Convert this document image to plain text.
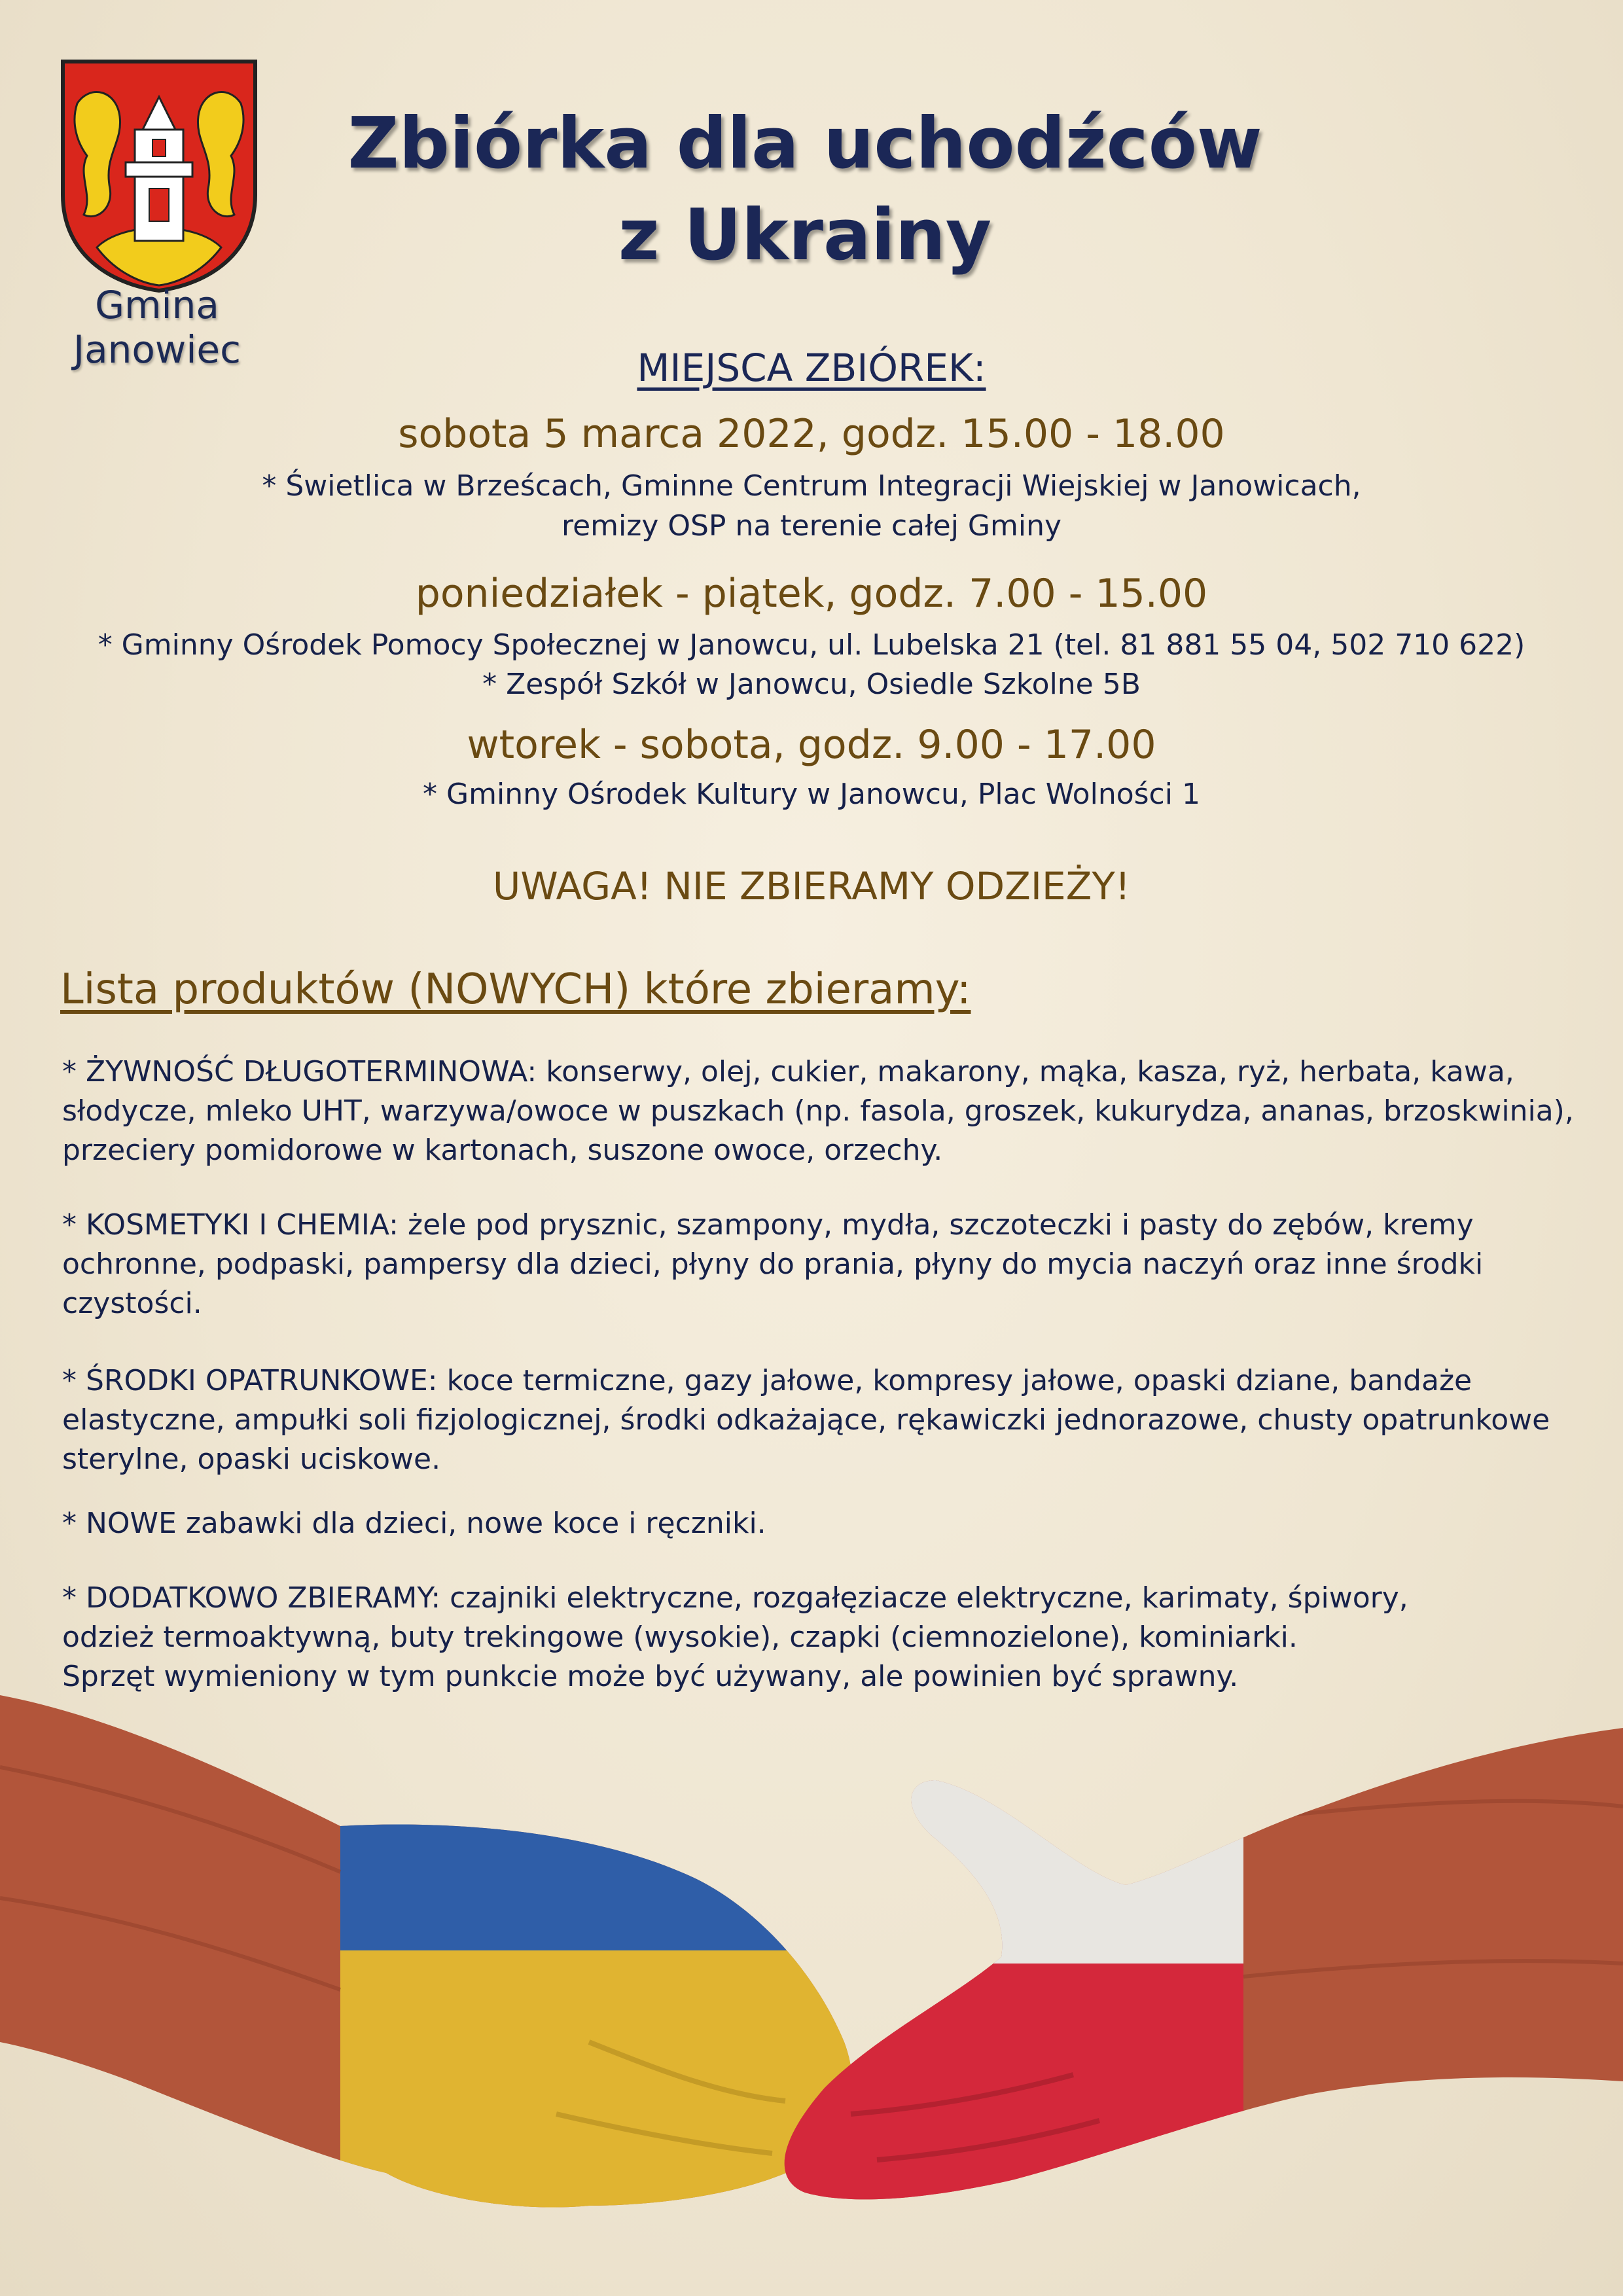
Gmina
Janowiec
Zbiórka dla uchodźców
z Ukrainy
MIEJSCA ZBIÓREK:
sobota 5 marca 2022, godz. 15.00 - 18.00
* Świetlica w Brześcach, Gminne Centrum Integracji Wiejskiej w Janowicach,
remizy OSP na terenie całej Gminy
poniedziałek - piątek, godz. 7.00 - 15.00
* Gminny Ośrodek Pomocy Społecznej w Janowcu, ul. Lubelska 21 (tel. 81 881 55 04, 502 710 622)
* Zespół Szkół w Janowcu, Osiedle Szkolne 5B
wtorek - sobota, godz. 9.00 - 17.00
* Gminny Ośrodek Kultury w Janowcu, Plac Wolności 1
UWAGA! NIE ZBIERAMY ODZIEŻY!
Lista produktów (NOWYCH) które zbieramy:
* ŻYWNOŚĆ DŁUGOTERMINOWA: konserwy, olej, cukier, makarony, mąka, kasza, ryż, herbata, kawa,
słodycze, mleko UHT, warzywa/owoce w puszkach (np. fasola, groszek, kukurydza, ananas, brzoskwinia),
przeciery pomidorowe w kartonach, suszone owoce, orzechy.
* KOSMETYKI I CHEMIA: żele pod prysznic, szampony, mydła, szczoteczki i pasty do zębów, kremy
ochronne, podpaski, pampersy dla dzieci, płyny do prania, płyny do mycia naczyń oraz inne środki
czystości.
* ŚRODKI OPATRUNKOWE: koce termiczne, gazy jałowe, kompresy jałowe, opaski dziane, bandaże
elastyczne, ampułki soli fizjologicznej, środki odkażające, rękawiczki jednorazowe, chusty opatrunkowe
sterylne, opaski uciskowe.
* NOWE zabawki dla dzieci, nowe koce i ręczniki.
* DODATKOWO ZBIERAMY: czajniki elektryczne, rozgałęziacze elektryczne, karimaty, śpiwory,
odzież termoaktywną, buty trekingowe (wysokie), czapki (ciemnozielone), kominiarki.
Sprzęt wymieniony w tym punkcie może być używany, ale powinien być sprawny.
